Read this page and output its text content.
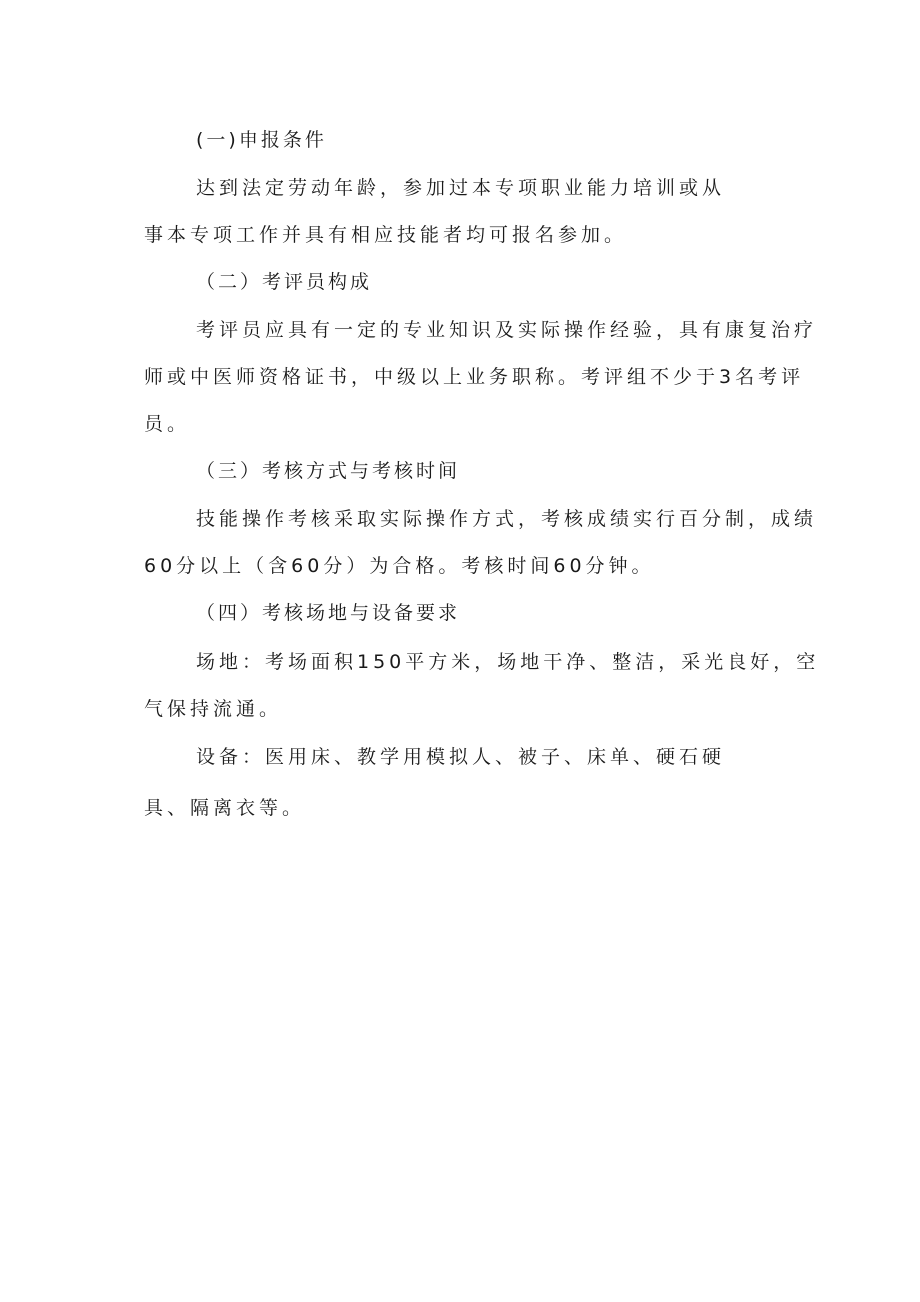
(一)申报条件

达到法定劳动年龄，参加过本专项职业能力培训或从

事本专项工作并具有相应技能者均可报名参加。

（二）考评员构成

考评员应具有一定的专业知识及实际操作经验，具有康复治疗

师或中医师资格证书，中级以上业务职称。考评组不少于3名考评

员。

（三）考核方式与考核时间

技能操作考核采取实际操作方式，考核成绩实行百分制，成绩

60分以上（含60分）为合格。考核时间60分钟。

（四）考核场地与设备要求

场地：考场面积150平方米，场地干净、整洁，采光良好，空

气保持流通。

设备：医用床、教学用模拟人、被子、床单、硬石硬

具、隔离衣等。
